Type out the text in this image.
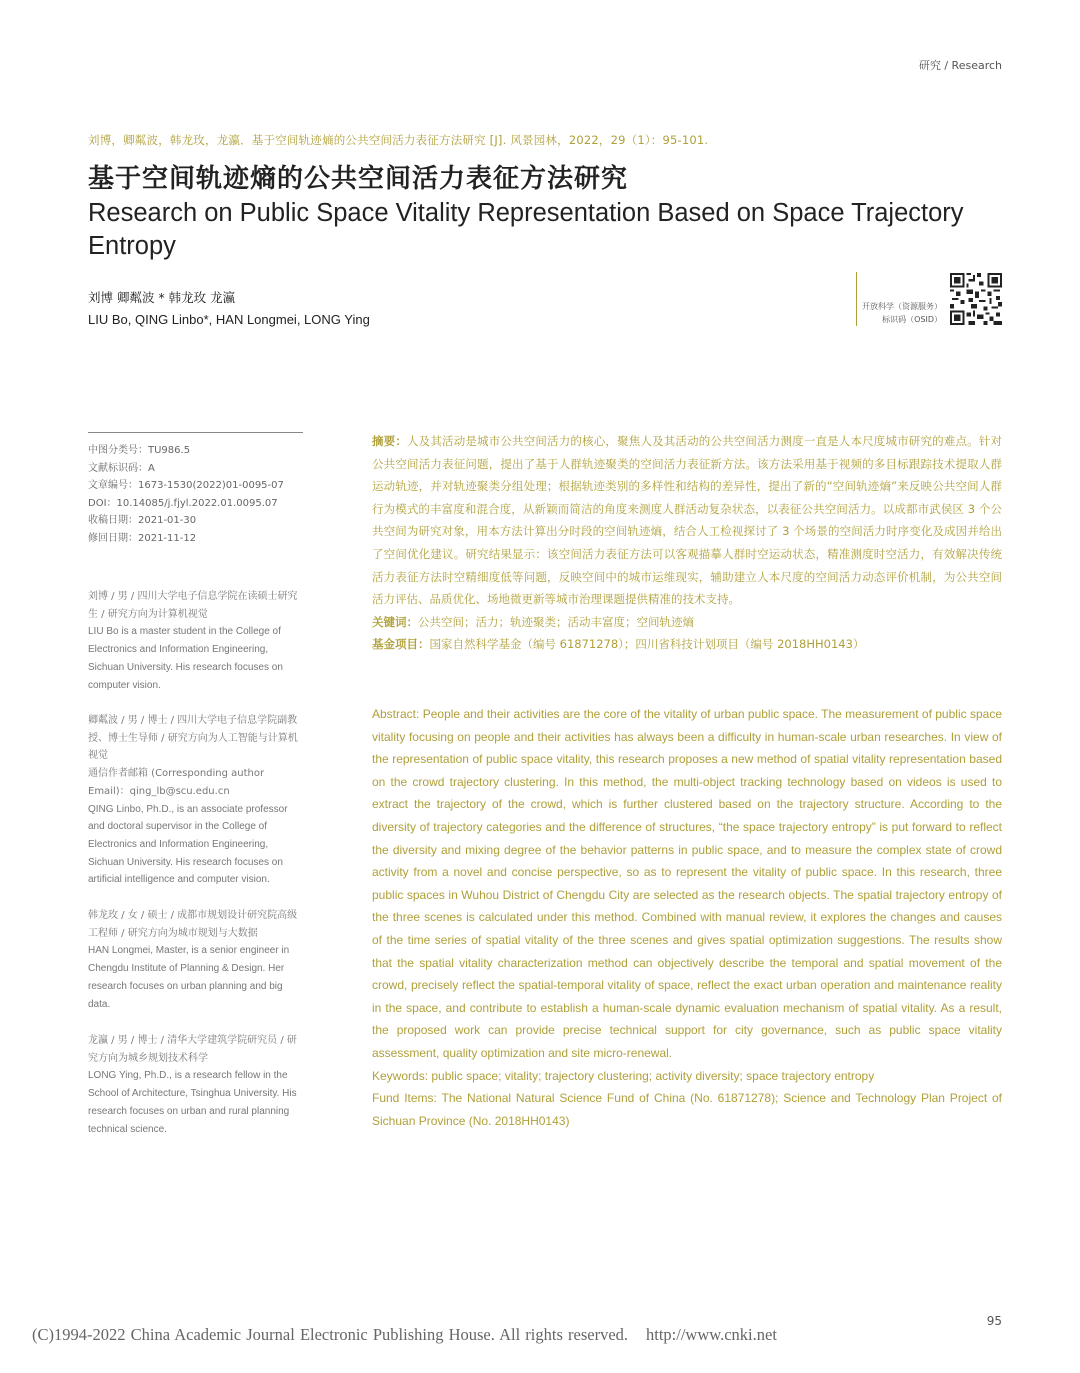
研究 / Research
刘博，卿粼波，韩龙玫，龙瀛．基于空间轨迹熵的公共空间活力表征方法研究 [J]. 风景园林，2022，29（1）：95-101.
基于空间轨迹熵的公共空间活力表征方法研究
Research on Public Space Vitality Representation Based on Space Trajectory Entropy
刘博 卿粼波 * 韩龙玫 龙瀛
LIU Bo, QING Linbo*, HAN Longmei, LONG Ying
开放科学（资源服务）
标识码（OSID）
中图分类号：TU986.5
文献标识码：A
文章编号：1673-1530(2022)01-0095-07
DOI：10.14085/j.fjyl.2022.01.0095.07
收稿日期：2021-01-30
修回日期：2021-11-12
刘博 / 男 / 四川大学电子信息学院在读硕士研究生 / 研究方向为计算机视觉
LIU Bo is a master student in the College of Electronics and Information Engineering, Sichuan University. His research focuses on computer vision.
卿粼波 / 男 / 博士 / 四川大学电子信息学院副教授、博士生导师 / 研究方向为人工智能与计算机视觉
通信作者邮箱 (Corresponding author Email)：qing_lb@scu.edu.cn
QING Linbo, Ph.D., is an associate professor and doctoral supervisor in the College of Electronics and Information Engineering, Sichuan University. His research focuses on artificial intelligence and computer vision.
韩龙玫 / 女 / 硕士 / 成都市规划设计研究院高级工程师 / 研究方向为城市规划与大数据
HAN Longmei, Master, is a senior engineer in Chengdu Institute of Planning & Design. Her research focuses on urban planning and big data.
龙瀛 / 男 / 博士 / 清华大学建筑学院研究员 / 研究方向为城乡规划技术科学
LONG Ying, Ph.D., is a research fellow in the School of Architecture, Tsinghua University. His research focuses on urban and rural planning technical science.
摘要：人及其活动是城市公共空间活力的核心，聚焦人及其活动的公共空间活力测度一直是人本尺度城市研究的难点。针对公共空间活力表征问题，提出了基于人群轨迹聚类的空间活力表征新方法。该方法采用基于视频的多目标跟踪技术提取人群运动轨迹，并对轨迹聚类分组处理；根据轨迹类别的多样性和结构的差异性，提出了新的“空间轨迹熵”来反映公共空间人群行为模式的丰富度和混合度，从新颖而简洁的角度来测度人群活动复杂状态，以表征公共空间活力。以成都市武侯区 3 个公共空间为研究对象，用本方法计算出分时段的空间轨迹熵，结合人工检视探讨了 3 个场景的空间活力时序变化及成因并给出了空间优化建议。研究结果显示：该空间活力表征方法可以客观描摹人群时空运动状态，精准测度时空活力，有效解决传统活力表征方法时空精细度低等问题，反映空间中的城市运维现实，辅助建立人本尺度的空间活力动态评价机制，为公共空间活力评估、品质优化、场地微更新等城市治理课题提供精准的技术支持。
关键词：公共空间；活力；轨迹聚类；活动丰富度；空间轨迹熵
基金项目：国家自然科学基金（编号 61871278）；四川省科技计划项目（编号 2018HH0143）
Abstract: People and their activities are the core of the vitality of urban public space. The measurement of public space vitality focusing on people and their activities has always been a difficulty in human-scale urban researches. In view of the representation of public space vitality, this research proposes a new method of spatial vitality representation based on the crowd trajectory clustering. In this method, the multi-object tracking technology based on videos is used to extract the trajectory of the crowd, which is further clustered based on the trajectory structure. According to the diversity of trajectory categories and the difference of structures, “the space trajectory entropy” is put forward to reflect the diversity and mixing degree of the behavior patterns in public space, and to measure the complex state of crowd activity from a novel and concise perspective, so as to represent the vitality of public space. In this research, three public spaces in Wuhou District of Chengdu City are selected as the research objects. The spatial trajectory entropy of the three scenes is calculated under this method. Combined with manual review, it explores the changes and causes of the time series of spatial vitality of the three scenes and gives spatial optimization suggestions. The results show that the spatial vitality characterization method can objectively describe the temporal and spatial movement of the crowd, precisely reflect the spatial-temporal vitality of space, reflect the exact urban operation and maintenance reality in the space, and contribute to establish a human-scale dynamic evaluation mechanism of spatial vitality. As a result, the proposed work can provide precise technical support for city governance, such as public space vitality assessment, quality optimization and site micro-renewal.
Keywords: public space; vitality; trajectory clustering; activity diversity; space trajectory entropy
Fund Items: The National Natural Science Fund of China (No. 61871278); Science and Technology Plan Project of Sichuan Province (No. 2018HH0143)
95
(C)1994-2022 China Academic Journal Electronic Publishing House. All rights reserved. http://www.cnki.net
